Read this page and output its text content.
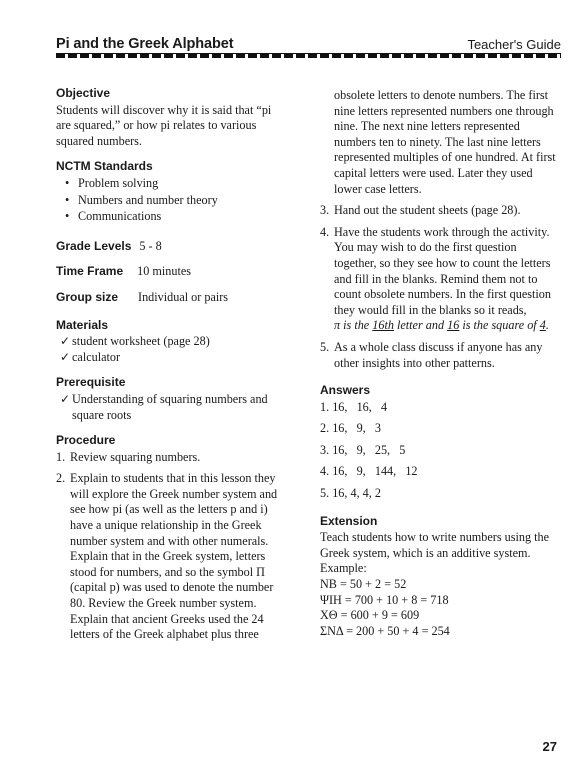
Pi and the Greek Alphabet	Teacher's Guide
Objective

Students will discover why it is said that “pi are squared,” or how pi relates to various squared numbers.

NCTM Standards
• Problem solving
• Numbers and number theory
• Communications
Grade Levels 5 - 8
Time Frame 10 minutes
Group size Individual or pairs
Materials
✓ student worksheet (page 28)
✓ calculator
Prerequisite
✓ Understanding of squaring numbers and square roots
Procedure
1. Review squaring numbers.
2. Explain to students that in this lesson they will explore the Greek number system and see how pi (as well as the letters p and i) have a unique relationship in the Greek number system and with other numerals. Explain that in the Greek system, letters stood for numbers, and so the symbol Π (capital p) was used to denote the number 80. Review the Greek number system. Explain that ancient Greeks used the 24 letters of the Greek alphabet plus three

obsolete letters to denote numbers. The first nine letters represented numbers one through nine. The next nine letters represented numbers ten to ninety. The last nine letters represented multiples of one hundred. At first capital letters were used. Later they used lower case letters.

3. Hand out the student sheets (page 28).
4. Have the students work through the activity. You may wish to do the first question together, so they see how to count the letters and fill in the blanks. Remind them not to count obsolete numbers. In the first question they would fill in the blanks so it reads,
π is the 16th letter and 16 is the square of 4.
5. As a whole class discuss if anyone has any other insights into other patterns.
Answers
1. 16,   16,   4
2. 16,   9,   3
3. 16,   9,   25,   5
4. 16,   9,   144,   12
5. 16, 4, 4, 2
Extension

Teach students how to write numbers using the Greek system, which is an additive system.

Example:

NB = 50 + 2 = 52

ΨIH = 700 + 10 + 8 = 718

XΘ = 600 + 9 = 609

ΣNΔ = 200 + 50 + 4 = 254

27
